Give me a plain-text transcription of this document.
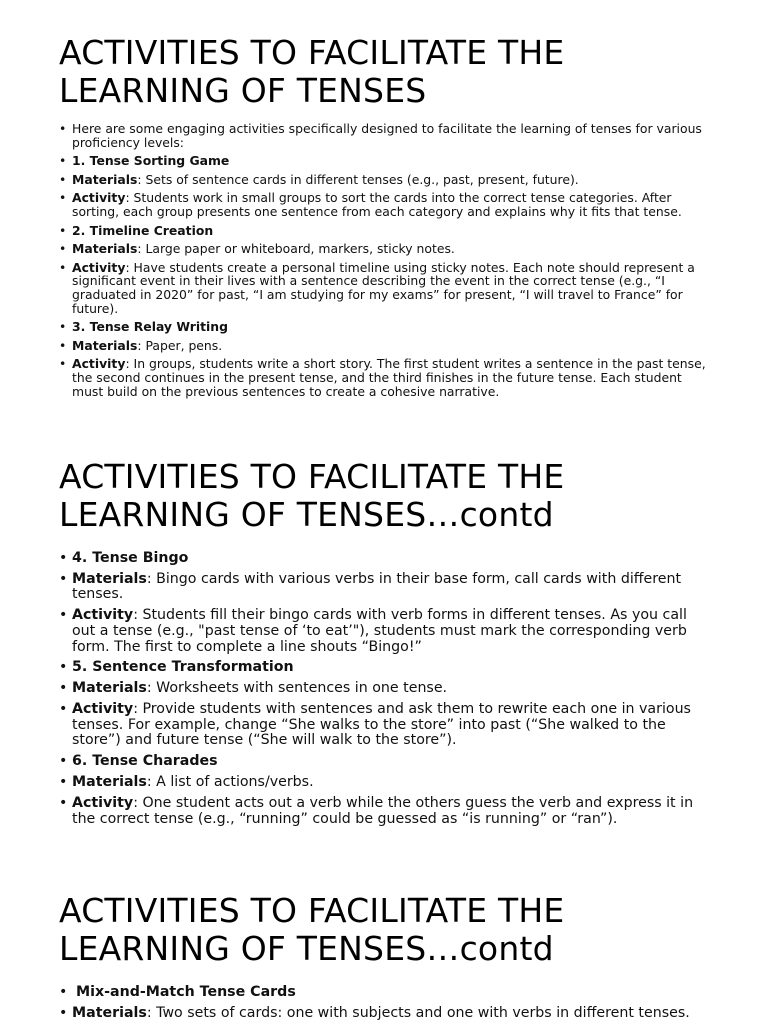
ACTIVITIES TO FACILITATE THE LEARNING OF TENSES
• Here are some engaging activities specifically designed to facilitate the learning of tenses for various proficiency levels:
• 1. Tense Sorting Game
• Materials: Sets of sentence cards in different tenses (e.g., past, present, future).
• Activity: Students work in small groups to sort the cards into the correct tense categories. After sorting, each group presents one sentence from each category and explains why it fits that tense.
• 2. Timeline Creation
• Materials: Large paper or whiteboard, markers, sticky notes.
• Activity: Have students create a personal timeline using sticky notes. Each note should represent a significant event in their lives with a sentence describing the event in the correct tense (e.g., “I graduated in 2020” for past, “I am studying for my exams” for present, “I will travel to France” for future).
• 3. Tense Relay Writing
• Materials: Paper, pens.
• Activity: In groups, students write a short story. The first student writes a sentence in the past tense, the second continues in the present tense, and the third finishes in the future tense. Each student must build on the previous sentences to create a cohesive narrative.
ACTIVITIES TO FACILITATE THE LEARNING OF TENSES…contd
• 4. Tense Bingo
• Materials: Bingo cards with various verbs in their base form, call cards with different tenses.
• Activity: Students fill their bingo cards with verb forms in different tenses. As you call out a tense (e.g., "past tense of ‘to eat’"), students must mark the corresponding verb form. The first to complete a line shouts “Bingo!”
• 5. Sentence Transformation
• Materials: Worksheets with sentences in one tense.
• Activity: Provide students with sentences and ask them to rewrite each one in various tenses. For example, change “She walks to the store” into past (“She walked to the store”) and future tense (“She will walk to the store”).
• 6. Tense Charades
• Materials: A list of actions/verbs.
• Activity: One student acts out a verb while the others guess the verb and express it in the correct tense (e.g., “running” could be guessed as “is running” or “ran”).
ACTIVITIES TO FACILITATE THE LEARNING OF TENSES…contd
• Mix-and-Match Tense Cards
• Materials: Two sets of cards: one with subjects and one with verbs in different tenses.
